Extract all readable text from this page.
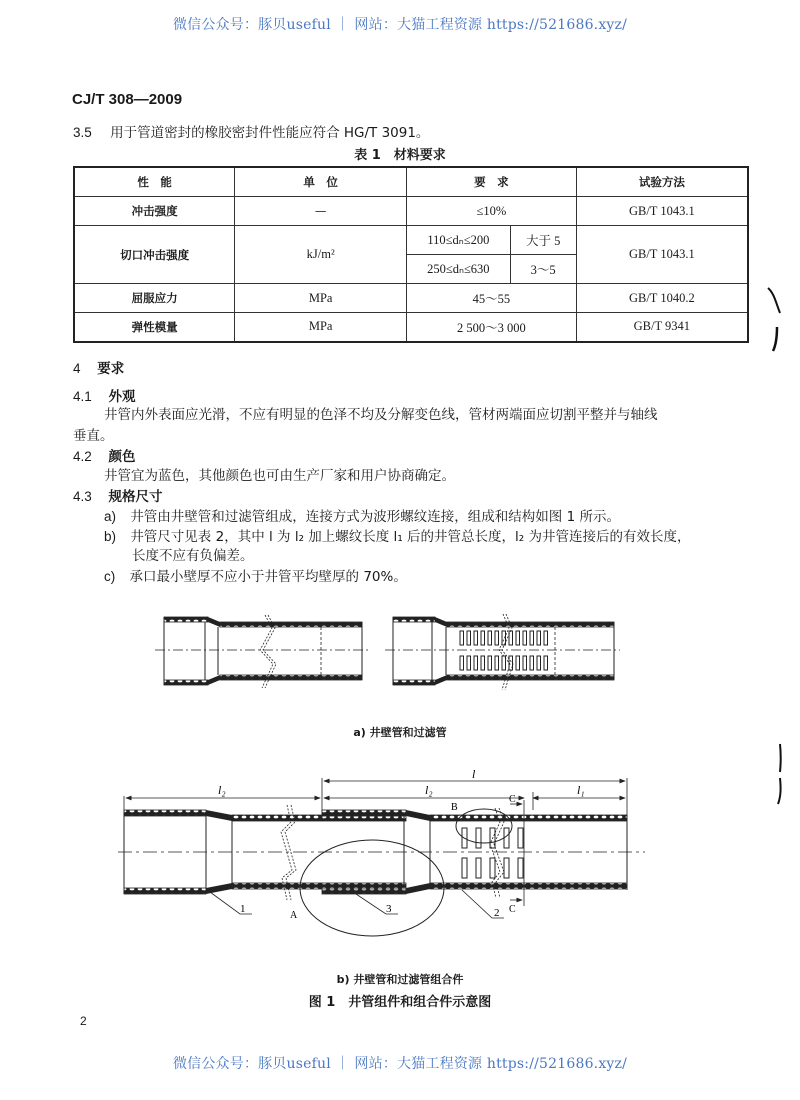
微信公众号：豚贝useful ｜ 网站：大猫工程资源 https://521686.xyz/
微信公众号：豚贝useful ｜ 网站：大猫工程资源 https://521686.xyz/
CJ/T 308—2009
3.5 用于管道密封的橡胶密封件性能应符合 HG/T 3091。
表 1　材料要求
性　能	单　位	要　求		试验方法
冲击强度	—	≤10%		GB/T 1043.1
切口冲击强度	kJ/m²	110≤dₙ≤200	大于 5	GB/T 1043.1
		250≤dₙ≤630	3～5	
屈服应力	MPa	45～55		GB/T 1040.2
弹性模量	MPa	2 500～3 000		GB/T 9341
4 要求
4.1 外观
井管内外表面应光滑，不应有明显的色泽不均及分解变色线，管材两端面应切割平整并与轴线
垂直。
4.2 颜色
井管宜为蓝色，其他颜色也可由生产厂家和用户协商确定。
4.3 规格尺寸
a) 井管由井壁管和过滤管组成，连接方式为波形螺纹连接，组成和结构如图 1 所示。
b) 井管尺寸见表 2，其中 l 为 l₂ 加上螺纹长度 l₁ 后的井管总长度，l₂ 为井管连接后的有效长度，
长度不应有负偏差。
c) 承口最小壁厚不应小于井管平均壁厚的 70%。
a) 井壁管和过滤管
l₂
l
l₂	l₁
1	3	2
A
B
C
C
b) 井壁管和过滤管组合件
图 1　井管组件和组合件示意图
2
